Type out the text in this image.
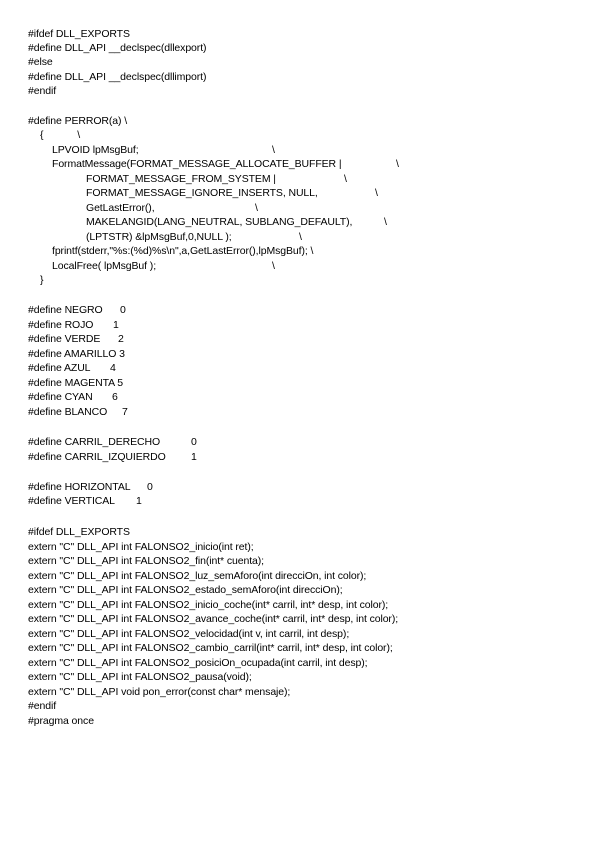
#ifdef DLL_EXPORTS
#define DLL_API __declspec(dllexport)
#else
#define DLL_API __declspec(dllimport)
#endif
#define PERROR(a) \
{            \
LPVOID lpMsgBuf;	\
FormatMessage(FORMAT_MESSAGE_ALLOCATE_BUFFER |	\
FORMAT_MESSAGE_FROM_SYSTEM |	\
FORMAT_MESSAGE_IGNORE_INSERTS, NULL,	\
GetLastError(),	\
MAKELANGID(LANG_NEUTRAL, SUBLANG_DEFAULT),	\
(LPTSTR) &lpMsgBuf,0,NULL );	\
fprintf(stderr,"%s:(%d)%s\n",a,GetLastError(),lpMsgBuf); \
LocalFree( lpMsgBuf );	\
}
#define NEGRO 0
#define ROJO 1
#define VERDE 2
#define AMARILLO 3
#define AZUL 4
#define MAGENTA 5
#define CYAN 6
#define BLANCO 7
#define CARRIL_DERECHO	0
#define CARRIL_IZQUIERDO 1
#define HORIZONTAL 0
#define VERTICAL 1
#ifdef DLL_EXPORTS
extern "C" DLL_API int FALONSO2_inicio(int ret);
extern "C" DLL_API int FALONSO2_fin(int* cuenta);
extern "C" DLL_API int FALONSO2_luz_semAforo(int direcciOn, int color);
extern "C" DLL_API int FALONSO2_estado_semAforo(int direcciOn);
extern "C" DLL_API int FALONSO2_inicio_coche(int* carril, int* desp, int color);
extern "C" DLL_API int FALONSO2_avance_coche(int* carril, int* desp, int color);
extern "C" DLL_API int FALONSO2_velocidad(int v, int carril, int desp);
extern "C" DLL_API int FALONSO2_cambio_carril(int* carril, int* desp, int color);
extern "C" DLL_API int FALONSO2_posiciOn_ocupada(int carril, int desp);
extern "C" DLL_API int FALONSO2_pausa(void);
extern "C" DLL_API void pon_error(const char* mensaje);
#endif
#pragma once
